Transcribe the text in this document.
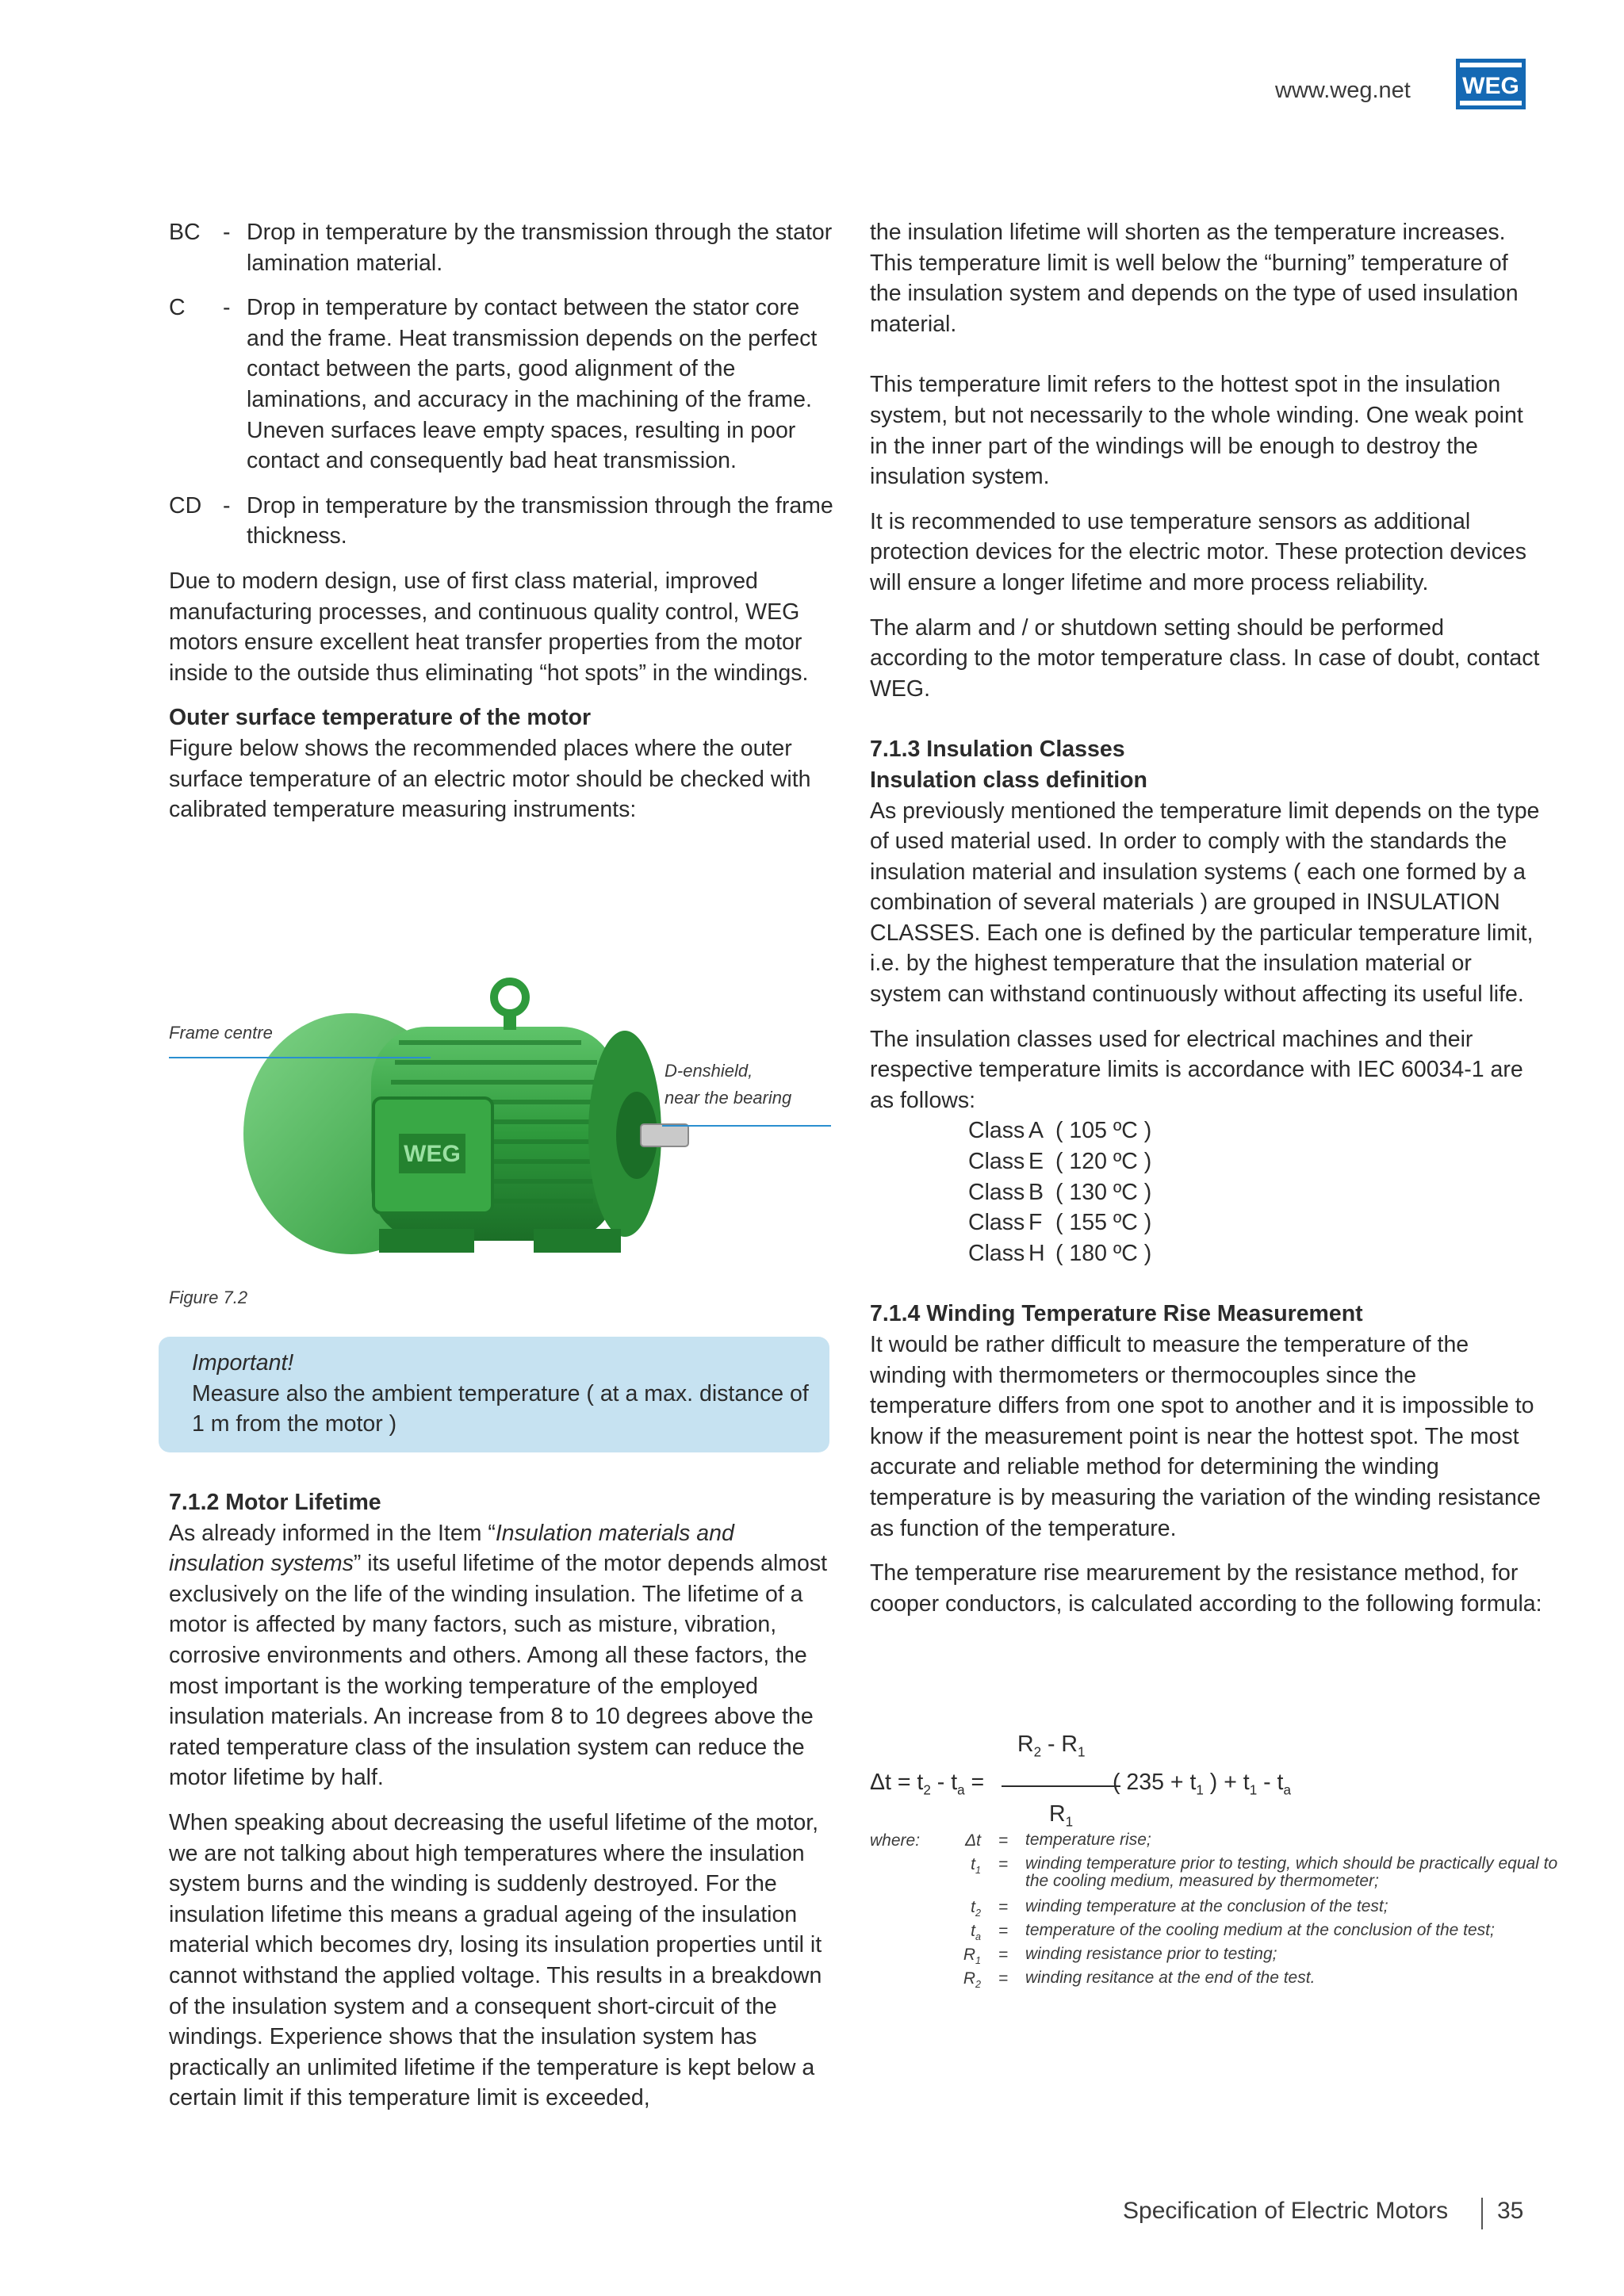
www.weg.net WEG
BC - Drop in temperature by the transmission through the stator lamination material.
C	- Drop in temperature by contact between the stator core and the frame. Heat transmission depends on the perfect contact between the parts, good alignment of the laminations, and accuracy in the machining of the frame. Uneven surfaces leave empty spaces, resulting in poor contact and consequently bad heat transmission.
CD - Drop in temperature by the transmission through the frame thickness.

Due to modern design, use of first class material, improved manufacturing processes, and continuous quality control, WEG motors ensure excellent heat transfer properties from the motor inside to the outside thus eliminating “hot spots” in the windings.

Outer surface temperature of the motor

Figure below shows the recommended places where the outer surface temperature of an electric motor should be checked with calibrated temperature measuring instruments:

Frame centre
D-enshield,
near the bearing
WEG
Figure 7.2
Important!
Measure also the ambient temperature ( at a max. distance of 1 m from the motor )

7.1.2 Motor Lifetime

As already informed in the Item “Insulation materials and insulation systems” its useful lifetime of the motor depends almost exclusively on the life of the winding insulation. The lifetime of a motor is affected by many factors, such as misture, vibration, corrosive environments and others. Among all these factors, the most important is the working temperature of the employed insulation materials. An increase from 8 to 10 degrees above the rated temperature class of the insulation system can reduce the motor lifetime by half.

When speaking about decreasing the useful lifetime of the motor, we are not talking about high temperatures where the insulation system burns and the winding is suddenly destroyed. For the insulation lifetime this means a gradual ageing of the insulation material which becomes dry, losing its insulation properties until it cannot withstand the applied voltage. This results in a breakdown of the insulation system and a consequent short-circuit of the windings. Experience shows that the insulation system has practically an unlimited lifetime if the temperature is kept below a certain limit if this temperature limit is exceeded,

the insulation lifetime will shorten as the temperature increases. This temperature limit is well below the “burning” temperature of the insulation system and depends on the type of used insulation material.

This temperature limit refers to the hottest spot in the insulation system, but not necessarily to the whole winding. One weak point in the inner part of the windings will be enough to destroy the insulation system.

It is recommended to use temperature sensors as additional protection devices for the electric motor. These protection devices will ensure a longer lifetime and more process reliability.

The alarm and / or shutdown setting should be performed according to the motor temperature class. In case of doubt, contact WEG.

7.1.3 Insulation Classes

Insulation class definition

As previously mentioned the temperature limit depends on the type of used material used. In order to comply with the standards the insulation material and insulation systems ( each one formed by a combination of several materials ) are grouped in INSULATION CLASSES. Each one is defined by the particular temperature limit, i.e. by the highest temperature that the insulation material or system can withstand continuously without affecting its useful life.

The insulation classes used for electrical machines and their respective temperature limits is accordance with IEC 60034-1 are as follows:

Class A ( 105 ºC )
Class E ( 120 ºC )
Class B ( 130 ºC )
Class F ( 155 ºC )
Class H ( 180 ºC )

7.1.4 Winding Temperature Rise Measurement

It would be rather difficult to measure the temperature of the winding with thermometers or thermocouples since the temperature differs from one spot to another and it is impossible to know if the measurement point is near the hottest spot. The most accurate and reliable method for determining the winding temperature is by measuring the variation of the winding resistance as function of the temperature.

The temperature rise mearurement by the resistance method, for cooper conductors, is calculated according to the following formula:

$\Delta t = t_2 - t_a$ =
$R_2 - R_1$
$R_1$
( $235 + t_1$ ) + $t_1 - t_a$
where:	Δt	=	temperature rise;
$t_1$	=	winding temperature prior to testing, which should be practically equal to the cooling medium, measured by thermometer;
$t_2$	=	winding temperature at the conclusion of the test;
$t_a$	=	temperature of the cooling medium at the conclusion of the test;
$R_1$	=	winding resistance prior to testing;
$R_2$	=	winding resitance at the end of the test.
Specification of Electric Motors 35
